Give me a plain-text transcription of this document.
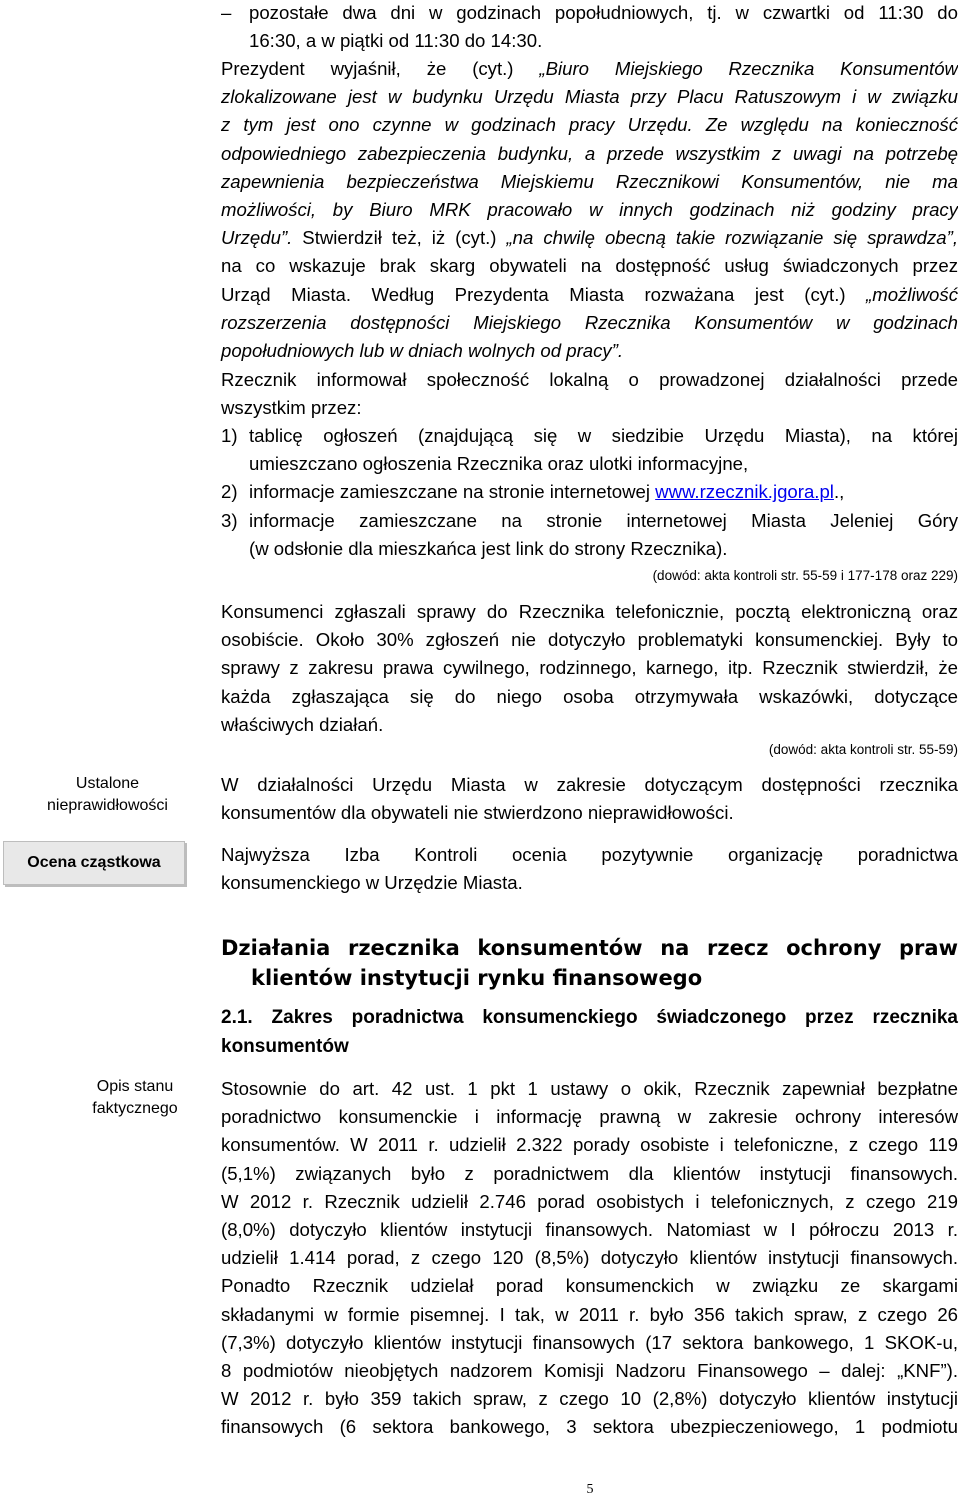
– pozostałe dwa dni w godzinach popołudniowych, tj. w czwartki od 11:30 do
16:30, a w piątki od 11:30 do 14:30.
Prezydent wyjaśnił, że (cyt.) „Biuro Miejskiego Rzecznika Konsumentów
zlokalizowane jest w budynku Urzędu Miasta przy Placu Ratuszowym i w związku
z tym jest ono czynne w godzinach pracy Urzędu. Ze względu na konieczność
odpowiedniego zabezpieczenia budynku, a przede wszystkim z uwagi na potrzebę
zapewnienia bezpieczeństwa Miejskiemu Rzecznikowi Konsumentów, nie ma
możliwości, by Biuro MRK pracowało w innych godzinach niż godziny pracy
Urzędu”. Stwierdził też, iż (cyt.) „na chwilę obecną takie rozwiązanie się sprawdza”,
na co wskazuje brak skarg obywateli na dostępność usług świadczonych przez
Urząd Miasta. Według Prezydenta Miasta rozważana jest (cyt.) „możliwość
rozszerzenia dostępności Miejskiego Rzecznika Konsumentów w godzinach
popołudniowych lub w dniach wolnych od pracy”.
Rzecznik informował społeczność lokalną o prowadzonej działalności przede
wszystkim przez:
1) tablicę ogłoszeń (znajdującą się w siedzibie Urzędu Miasta), na której
umieszczano ogłoszenia Rzecznika oraz ulotki informacyjne,
2) informacje zamieszczane na stronie internetowej www.rzecznik.jgora.pl.,
3) informacje zamieszczane na stronie internetowej Miasta Jeleniej Góry
(w odsłonie dla mieszkańca jest link do strony Rzecznika).
(dowód: akta kontroli str. 55-59 i 177-178 oraz 229)
Konsumenci zgłaszali sprawy do Rzecznika telefonicznie, pocztą elektroniczną oraz
osobiście. Około 30% zgłoszeń nie dotyczyło problematyki konsumenckiej. Były to
sprawy z zakresu prawa cywilnego, rodzinnego, karnego, itp. Rzecznik stwierdził, że
każda zgłaszająca się do niego osoba otrzymywała wskazówki, dotyczące
właściwych działań.
(dowód: akta kontroli str. 55-59)
Ustalone
nieprawidłowości
W działalności Urzędu Miasta w zakresie dotyczącym dostępności rzecznika
konsumentów dla obywateli nie stwierdzono nieprawidłowości.
Ocena cząstkowa	Najwyższa Izba Kontroli ocenia pozytywnie organizację poradnictwa
konsumenckiego w Urzędzie Miasta.
Działania rzecznika konsumentów na rzecz ochrony praw
klientów instytucji rynku finansowego
2.1. Zakres poradnictwa konsumenckiego świadczonego przez rzecznika
konsumentów
Opis stanu
faktycznego
Stosownie do art. 42 ust. 1 pkt 1 ustawy o okik, Rzecznik zapewniał bezpłatne
poradnictwo konsumenckie i informację prawną w zakresie ochrony interesów
konsumentów. W 2011 r. udzielił 2.322 porady osobiste i telefoniczne, z czego 119
(5,1%) związanych było z poradnictwem dla klientów instytucji finansowych.
W 2012 r. Rzecznik udzielił 2.746 porad osobistych i telefonicznych, z czego 219
(8,0%) dotyczyło klientów instytucji finansowych. Natomiast w I półroczu 2013 r.
udzielił 1.414 porad, z czego 120 (8,5%) dotyczyło klientów instytucji finansowych.
Ponadto Rzecznik udzielał porad konsumenckich w związku ze skargami
składanymi w formie pisemnej. I tak, w 2011 r. było 356 takich spraw, z czego 26
(7,3%) dotyczyło klientów instytucji finansowych (17 sektora bankowego, 1 SKOK-u,
8 podmiotów nieobjętych nadzorem Komisji Nadzoru Finansowego – dalej: „KNF”).
W 2012 r. było 359 takich spraw, z czego 10 (2,8%) dotyczyło klientów instytucji
finansowych (6 sektora bankowego, 3 sektora ubezpieczeniowego, 1 podmiotu
5
